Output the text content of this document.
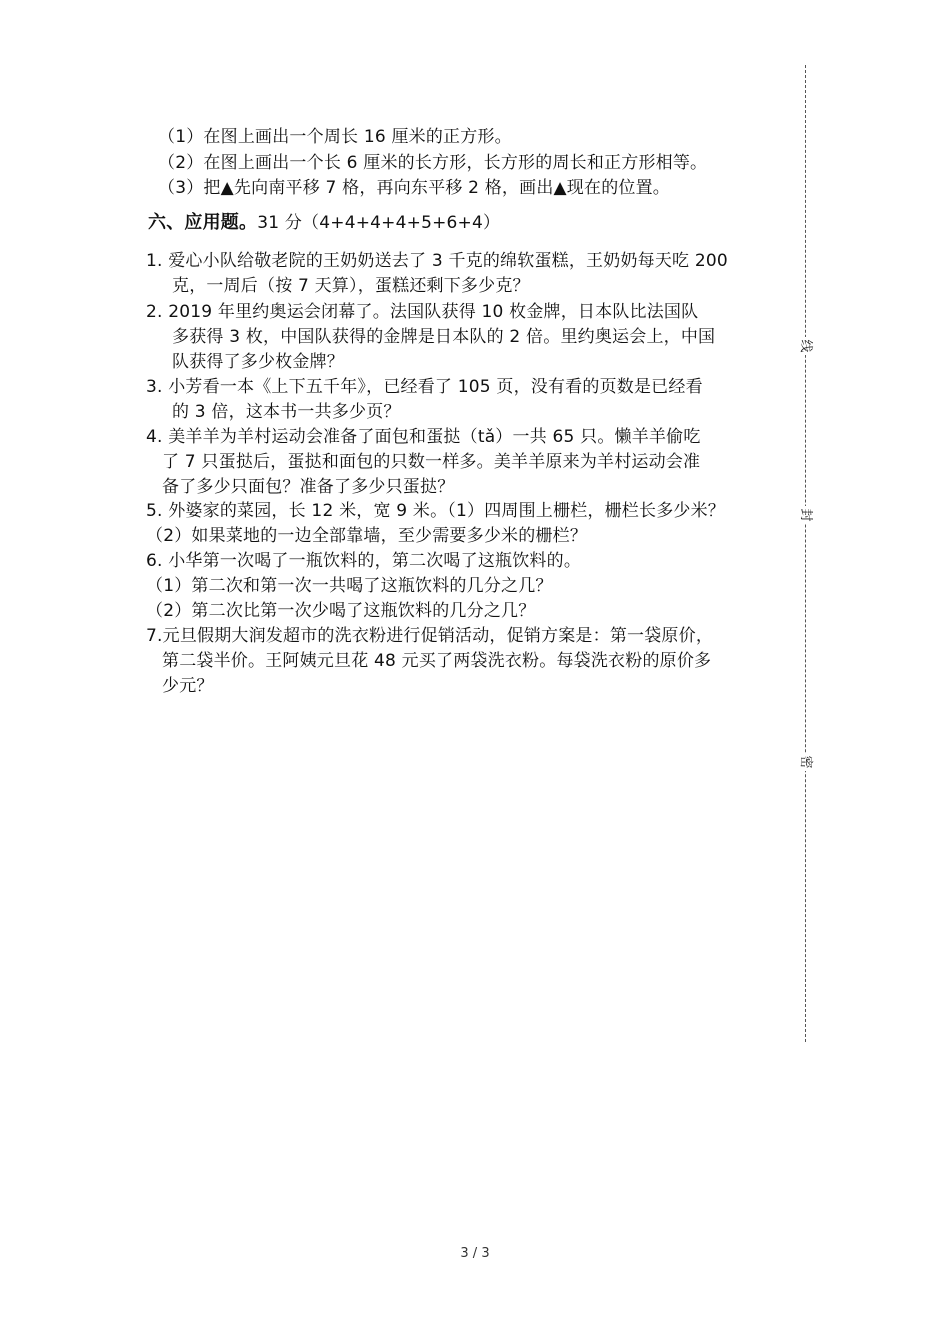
（1）在图上画出一个周长 16 厘米的正方形。
（2）在图上画出一个长 6 厘米的长方形，长方形的周长和正方形相等。
（3）把▲先向南平移 7 格，再向东平移 2 格，画出▲现在的位置。
六、应用题。31 分（4+4+4+4+5+6+4）
1. 爱心小队给敬老院的王奶奶送去了 3 千克的绵软蛋糕，王奶奶每天吃 200
克，一周后（按 7 天算），蛋糕还剩下多少克？
2. 2019 年里约奥运会闭幕了。法国队获得 10 枚金牌，日本队比法国队
多获得 3 枚，中国队获得的金牌是日本队的 2 倍。里约奥运会上，中国
队获得了多少枚金牌？
3. 小芳看一本《上下五千年》，已经看了 105 页，没有看的页数是已经看
的 3 倍，这本书一共多少页？
4. 美羊羊为羊村运动会准备了面包和蛋挞（tǎ）一共 65 只。懒羊羊偷吃
了 7 只蛋挞后，蛋挞和面包的只数一样多。美羊羊原来为羊村运动会准
备了多少只面包？准备了多少只蛋挞？
5. 外婆家的菜园，长 12 米，宽 9 米。（1）四周围上栅栏，栅栏长多少米？
（2）如果菜地的一边全部靠墙，至少需要多少米的栅栏？
6. 小华第一次喝了一瓶饮料的，第二次喝了这瓶饮料的。
（1）第二次和第一次一共喝了这瓶饮料的几分之几？
（2）第二次比第一次少喝了这瓶饮料的几分之几？
7.元旦假期大润发超市的洗衣粉进行促销活动，促销方案是：第一袋原价，
第二袋半价。王阿姨元旦花 48 元买了两袋洗衣粉。每袋洗衣粉的原价多
少元？
线
封
密
3 / 3
